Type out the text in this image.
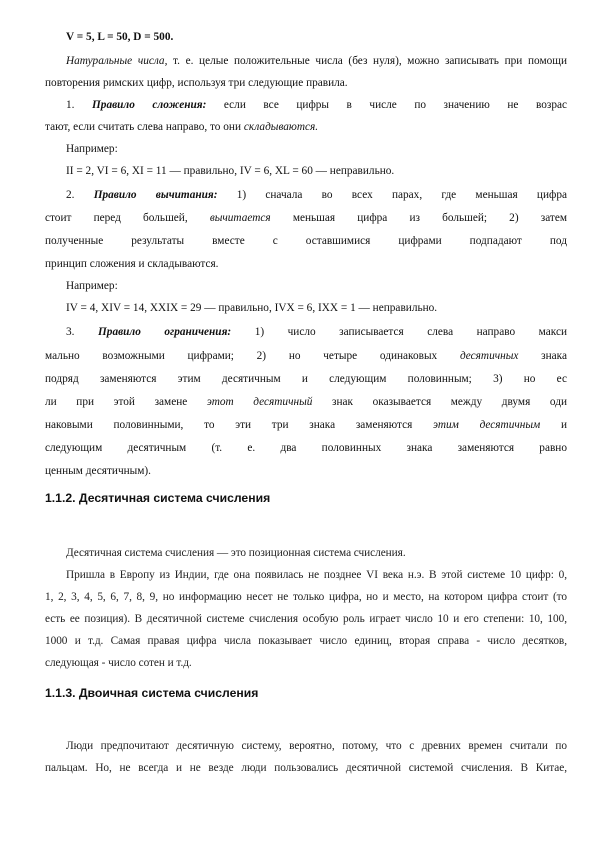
V = 5, L = 50, D = 500.
Натуральные числа, т. е. целые положительные числа (без нуля), можно записывать при помощи
повторения римских цифр, используя три следующие правила.
1. Правило сложения: если все цифры в числе по значению не возрас
тают, если считать слева направо, то они складываются.
Например:
II = 2, VI = 6, XI = 11 — правильно, IV = 6, XL = 60 — неправильно.
2. Правило вычитания: 1) сначала во всех парах, где меньшая цифра
стоит перед большей, вычитается меньшая цифра из большей; 2) затем
полученные результаты вместе с оставшимися цифрами подпадают под
принцип сложения и складываются.
Например:
IV = 4, XIV = 14, XXIX = 29 — правильно, IVX = 6, IXX = 1 — неправильно.
3. Правило ограничения: 1) число записывается слева направо макси
мально возможными цифрами; 2) но четыре одинаковых десятичных знака
подряд заменяются этим десятичным и следующим половинным; 3) но ес
ли при этой замене этот десятичный знак оказывается между двумя оди
наковыми половинными, то эти три знака заменяются этим десятичным и
следующим десятичным (т. е. два половинных знака заменяются равно
ценным десятичным).
1.1.2. Десятичная система счисления
Десятичная система счисления — это позиционная система счисления.
Пришла в Европу из Индии, где она появилась не позднее VI века н.э. В этой системе 10 цифр: 0,
1, 2, 3, 4, 5, 6, 7, 8, 9, но информацию несет не только цифра, но и место, на котором цифра стоит (то
есть ее позиция). В десятичной системе счисления особую роль играет число 10 и его степени: 10, 100,
1000 и т.д. Самая правая цифра числа показывает число единиц, вторая справа - число десятков,
следующая - число сотен и т.д.
1.1.3. Двоичная система счисления
Люди предпочитают десятичную систему, вероятно, потому, что с древних времен считали по
пальцам. Но, не всегда и не везде люди пользовались десятичной системой счисления. В Китае,
